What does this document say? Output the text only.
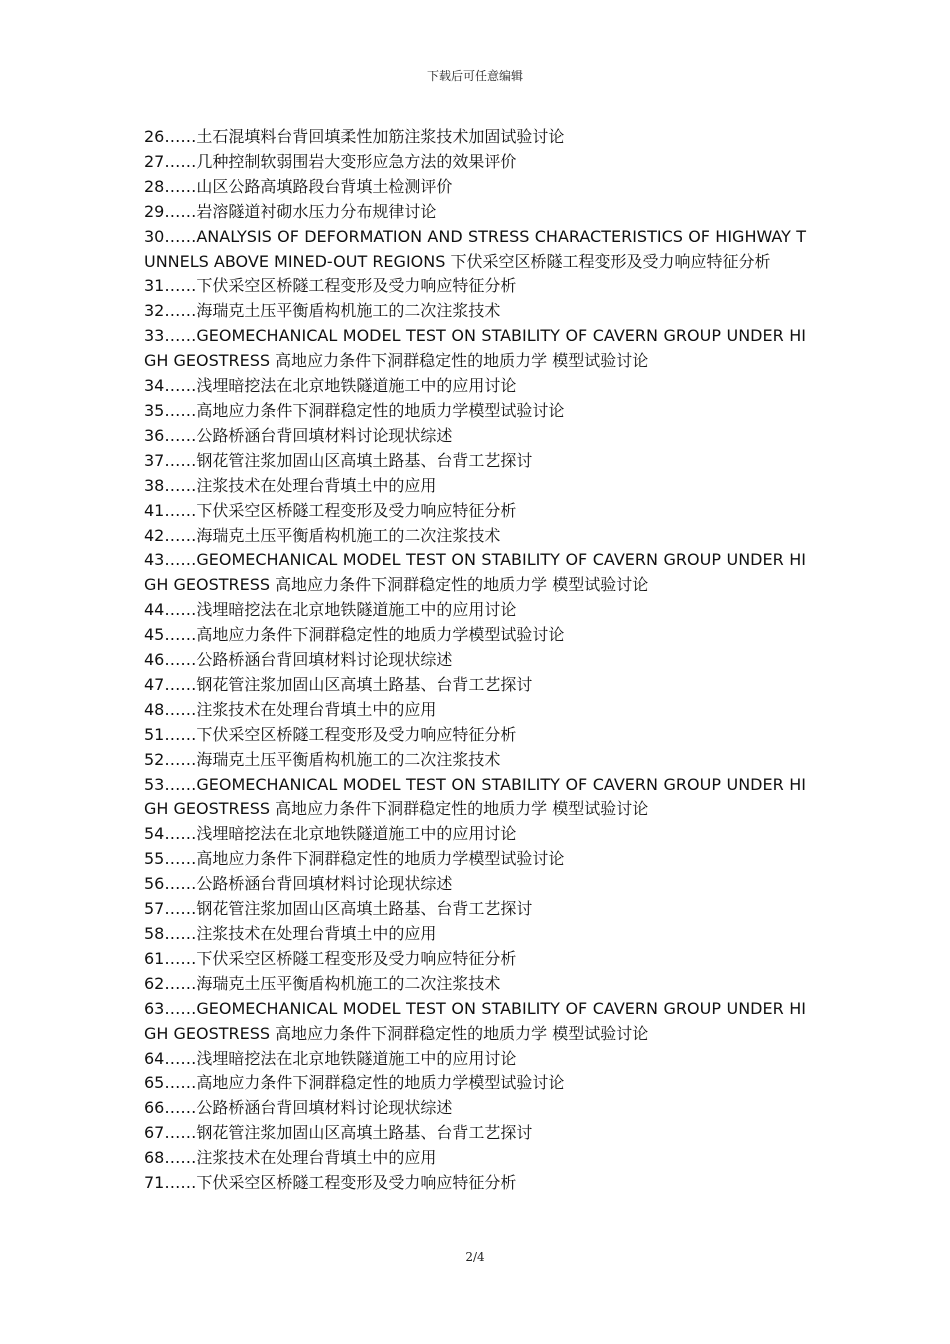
下载后可任意编辑

26……土石混填料台背回填柔性加筋注浆技术加固试验讨论

27……几种控制软弱围岩大变形应急方法的效果评价

28……山区公路高填路段台背填土检测评价

29……岩溶隧道衬砌水压力分布规律讨论

30……ANALYSIS OF DEFORMATION AND STRESS CHARACTERISTICS OF HIGHWAY TUNNELS ABOVE MINED-OUT REGIONS 下伏采空区桥隧工程变形及受力响应特征分析

31……下伏采空区桥隧工程变形及受力响应特征分析

32……海瑞克土压平衡盾构机施工的二次注浆技术

33……GEOMECHANICAL MODEL TEST ON STABILITY OF CAVERN GROUP UNDER HIGH GEOSTRESS 高地应力条件下洞群稳定性的地质力学 模型试验讨论

34……浅埋暗挖法在北京地铁隧道施工中的应用讨论

35……高地应力条件下洞群稳定性的地质力学模型试验讨论

36……公路桥涵台背回填材料讨论现状综述

37……钢花管注浆加固山区高填土路基、台背工艺探讨

38……注浆技术在处理台背填土中的应用

41……下伏采空区桥隧工程变形及受力响应特征分析

42……海瑞克土压平衡盾构机施工的二次注浆技术

43……GEOMECHANICAL MODEL TEST ON STABILITY OF CAVERN GROUP UNDER HIGH GEOSTRESS 高地应力条件下洞群稳定性的地质力学 模型试验讨论

44……浅埋暗挖法在北京地铁隧道施工中的应用讨论

45……高地应力条件下洞群稳定性的地质力学模型试验讨论

46……公路桥涵台背回填材料讨论现状综述

47……钢花管注浆加固山区高填土路基、台背工艺探讨

48……注浆技术在处理台背填土中的应用

51……下伏采空区桥隧工程变形及受力响应特征分析

52……海瑞克土压平衡盾构机施工的二次注浆技术

53……GEOMECHANICAL MODEL TEST ON STABILITY OF CAVERN GROUP UNDER HIGH GEOSTRESS 高地应力条件下洞群稳定性的地质力学 模型试验讨论

54……浅埋暗挖法在北京地铁隧道施工中的应用讨论

55……高地应力条件下洞群稳定性的地质力学模型试验讨论

56……公路桥涵台背回填材料讨论现状综述

57……钢花管注浆加固山区高填土路基、台背工艺探讨

58……注浆技术在处理台背填土中的应用

61……下伏采空区桥隧工程变形及受力响应特征分析

62……海瑞克土压平衡盾构机施工的二次注浆技术

63……GEOMECHANICAL MODEL TEST ON STABILITY OF CAVERN GROUP UNDER HIGH GEOSTRESS 高地应力条件下洞群稳定性的地质力学 模型试验讨论

64……浅埋暗挖法在北京地铁隧道施工中的应用讨论

65……高地应力条件下洞群稳定性的地质力学模型试验讨论

66……公路桥涵台背回填材料讨论现状综述

67……钢花管注浆加固山区高填土路基、台背工艺探讨

68……注浆技术在处理台背填土中的应用

71……下伏采空区桥隧工程变形及受力响应特征分析

2/4
